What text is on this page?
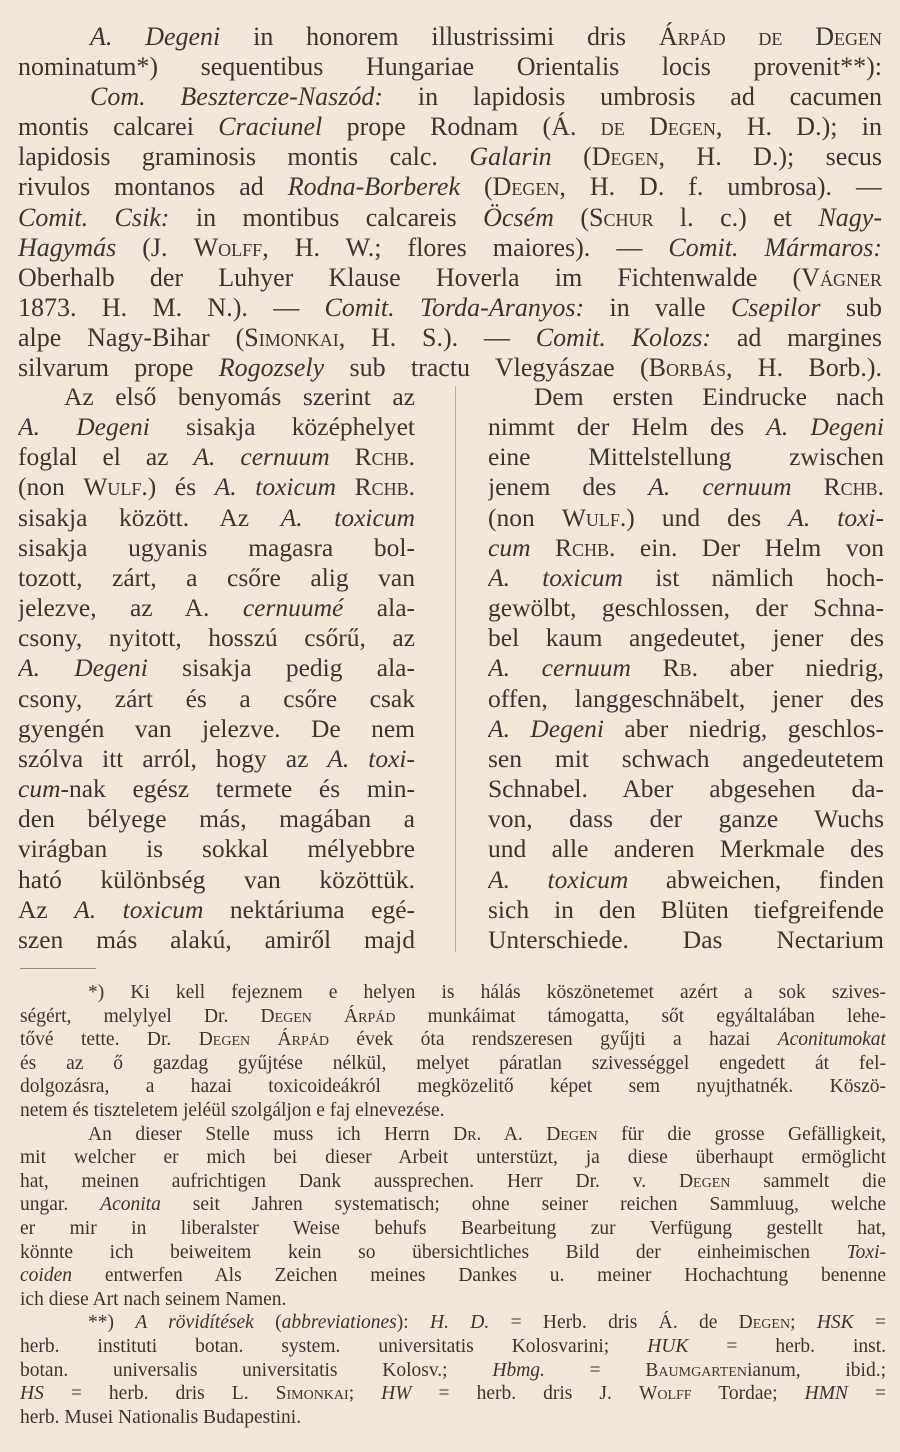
A. Degeni in honorem illustrissimi dris Árpád de Degen
nominatum*) sequentibus Hungariae Orientalis locis provenit**):
Com. Besztercze-Naszód: in lapidosis umbrosis ad cacumen
montis calcarei Craciunel prope Rodnam (Á. de Degen, H. D.); in
lapidosis graminosis montis calc. Galarin (Degen, H. D.); secus
rivulos montanos ad Rodna-Borberek (Degen, H. D. f. umbrosa). —
Comit. Csik: in montibus calcareis Öcsém (Schur l. c.) et Nagy-
Hagymás (J. Wolff, H. W.; flores maiores). — Comit. Mármaros:
Oberhalb der Luhyer Klause Hoverla im Fichtenwalde (Vágner
1873. H. M. N.). — Comit. Torda-Aranyos: in valle Csepilor sub
alpe Nagy-Bihar (Simonkai, H. S.). — Comit. Kolozs: ad margines
silvarum prope Rogozsely sub tractu Vlegyászae (Borbás, H. Borb.).
Az első benyomás szerint az
A. Degeni sisakja középhelyet
foglal el az A. cernuum Rchb.
(non Wulf.) és A. toxicum Rchb.
sisakja között. Az A. toxicum
sisakja ugyanis magasra bol-
tozott, zárt, a csőre alig van
jelezve, az A. cernuumé ala-
csony, nyitott, hosszú csőrű, az
A. Degeni sisakja pedig ala-
csony, zárt és a csőre csak
gyengén van jelezve. De nem
szólva itt arról, hogy az A. toxi-
cum-nak egész termete és min-
den bélyege más, magában a
virágban is sokkal mélyebbre
ható különbség van közöttük.
Az A. toxicum nektáriuma egé-
szen más alakú, amiről majd
Dem ersten Eindrucke nach
nimmt der Helm des A. Degeni
eine Mittelstellung zwischen
jenem des A. cernuum Rchb.
(non Wulf.) und des A. toxi-
cum Rchb. ein. Der Helm von
A. toxicum ist nämlich hoch-
gewölbt, geschlossen, der Schna-
bel kaum angedeutet, jener des
A. cernuum Rb. aber niedrig,
offen, langgeschnäbelt, jener des
A. Degeni aber niedrig, geschlos-
sen mit schwach angedeutetem
Schnabel. Aber abgesehen da-
von, dass der ganze Wuchs
und alle anderen Merkmale des
A. toxicum abweichen, finden
sich in den Blüten tiefgreifende
Unterschiede. Das Nectarium
*) Ki kell fejeznem e helyen is hálás köszönetemet azért a sok szives-
ségért, melylyel Dr. Degen Árpád munkáimat támogatta, sőt egyáltalában lehe-
tővé tette. Dr. Degen Árpád évek óta rendszeresen gyűjti a hazai Aconitumokat
és az ő gazdag gyűjtése nélkül, melyet páratlan szivességgel engedett át fel-
dolgozásra, a hazai toxicoideákról megközelitő képet sem nyujthatnék. Köszö-
netem és tiszteletem jeléül szolgáljon e faj elnevezése.
An dieser Stelle muss ich Herrn Dr. A. Degen für die grosse Gefälligkeit,
mit welcher er mich bei dieser Arbeit unterstüzt, ja diese überhaupt ermöglicht
hat, meinen aufrichtigen Dank aussprechen. Herr Dr. v. Degen sammelt die
ungar. Aconita seit Jahren systematisch; ohne seiner reichen Sammluug, welche
er mir in liberalster Weise behufs Bearbeitung zur Verfügung gestellt hat,
könnte ich beiweitem kein so übersichtliches Bild der einheimischen Toxi-
coiden entwerfen Als Zeichen meines Dankes u. meiner Hochachtung benenne
ich diese Art nach seinem Namen.
**) A rövidítések (abbreviationes): H. D. = Herb. dris Á. de Degen; HSK =
herb. instituti botan. system. universitatis Kolosvarini; HUK = herb. inst.
botan. universalis universitatis Kolosv.; Hbmg. = Baumgartenianum, ibid.;
HS = herb. dris L. Simonkai; HW = herb. dris J. Wolff Tordae; HMN =
herb. Musei Nationalis Budapestini.
